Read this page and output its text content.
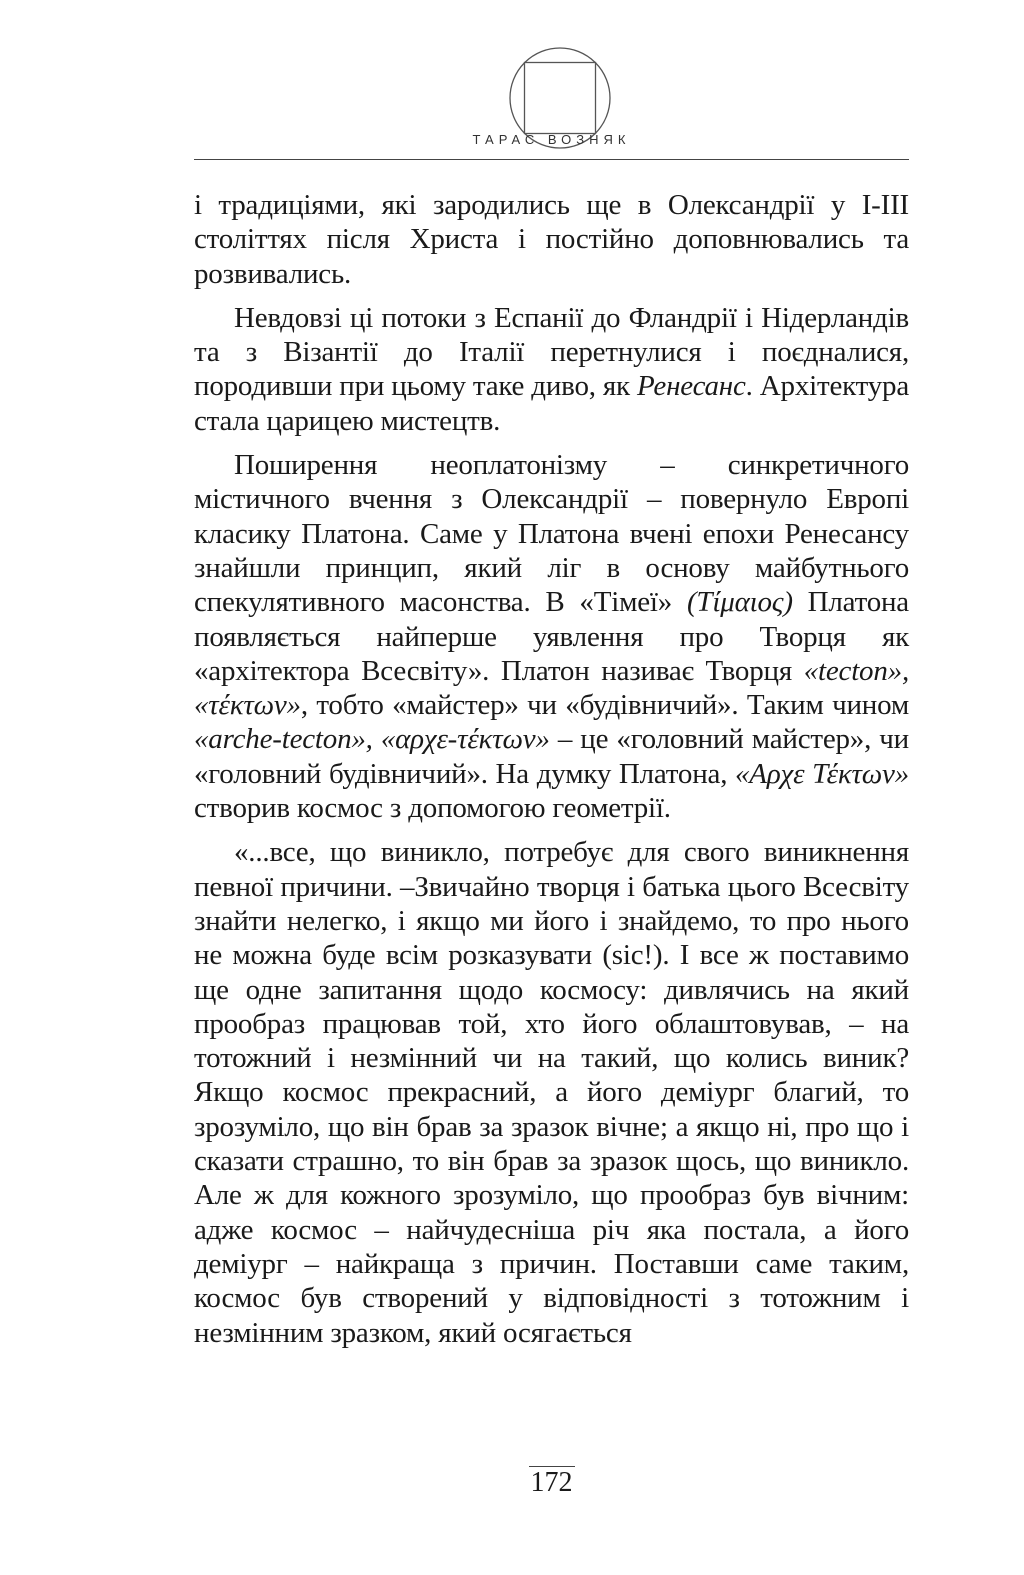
ТАРАС ВОЗНЯК

і традиціями, які зародились ще в Олександрії у І-ІІІ століттях після Христа і постійно доповнювались та розвивались.

Невдовзі ці потоки з Еспанії до Фландрії і Нідерландів та з Візантії до Італії перетнулися і поєдналися, породивши при цьому таке диво, як Ренесанс. Архітектура стала царицею мистецтв.

Поширення неоплатонізму – синкретичного містичного вчення з Олександрії – повернуло Европі класику Платона. Саме у Платона вчені епохи Ренесансу знайшли принцип, який ліг в основу майбутнього спекулятивного масонства. В «Тімеї» (Τίμαιος) Платона появляється найперше уявлення про Творця як «архітектора Всесвіту». Платон називає Творця «tecton», «τέκτων», тобто «майстер» чи «будівничий». Таким чином «arche-tecton», «αρχε-τέκτων» – це «головний майстер», чи «головний будівничий». На думку Платона, «Αρχε Τέκτων» створив космос з допомогою геометрії.

«...все, що виникло, потребує для свого виникнення певної причини. –Звичайно творця і батька цього Всесвіту знайти нелегко, і якщо ми його і знайдемо, то про нього не можна буде всім розказувати (sic!). І все ж поставимо ще одне запитання щодо космосу: дивлячись на який прообраз працював той, хто його облаштовував, – на тотожний і незмінний чи на такий, що колись виник? Якщо космос прекрасний, а його деміург благий, то зрозуміло, що він брав за зразок вічне; а якщо ні, про що і сказати страшно, то він брав за зразок щось, що виникло. Але ж для кожного зрозуміло, що прообраз був вічним: адже космос – найчудесніша річ яка постала, а його деміург – найкраща з причин. Поставши саме таким, космос був створений у відповідності з тотожним і незмінним зразком, який осягається

172
